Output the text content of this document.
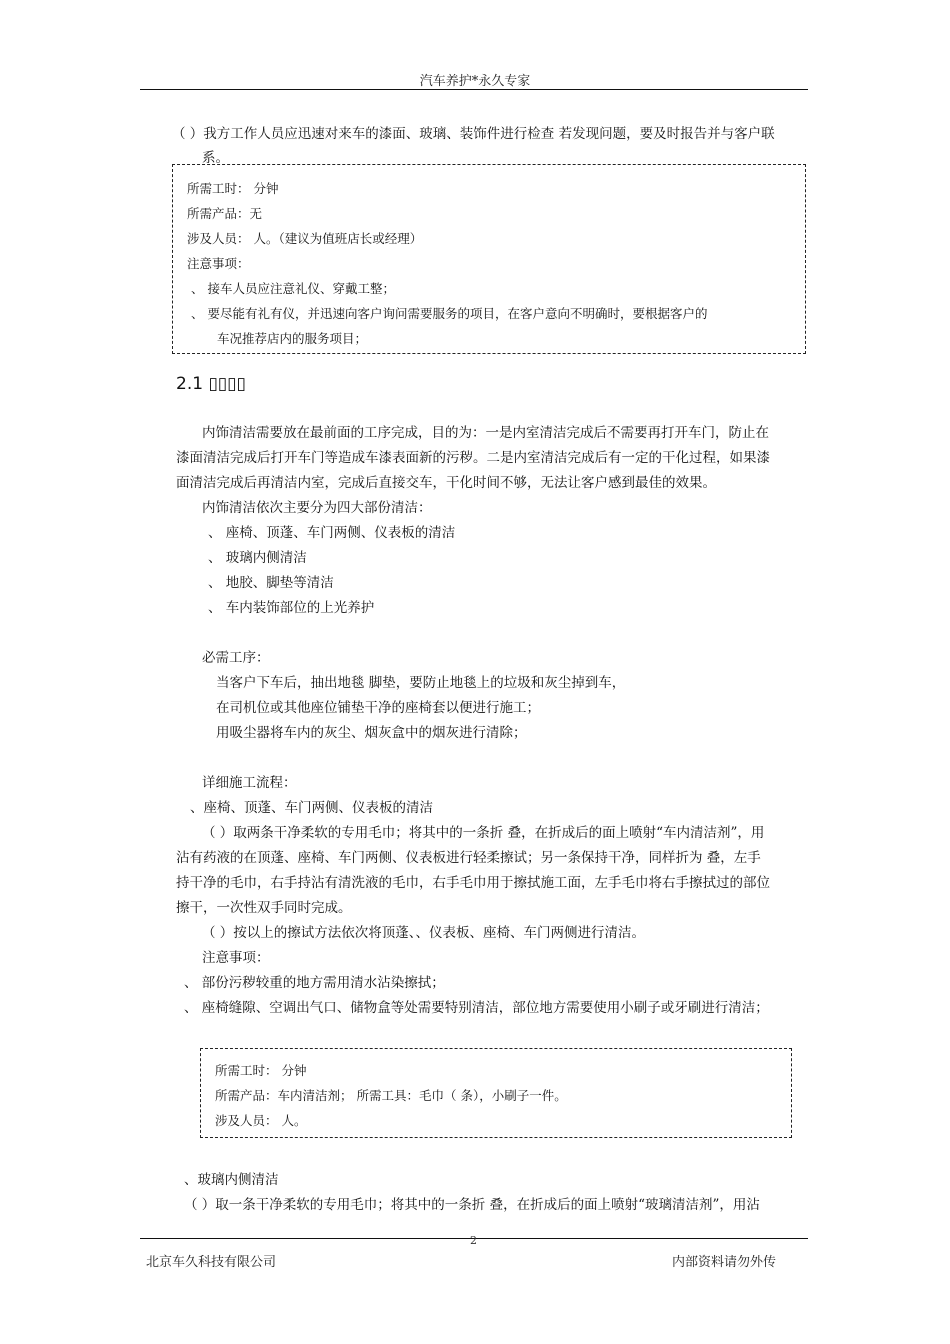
汽车养护*永久专家
（ ）我方工作人员应迅速对来车的漆面、玻璃、装饰件进行检查 若发现问题，要及时报告并与客户联
系。
所需工时： 分钟
所需产品：无
涉及人员： 人。（建议为值班店长或经理）
注意事项：
、 接车人员应注意礼仪、穿戴工整；
、 要尽能有礼有仪，并迅速向客户询问需要服务的项目，在客户意向不明确时，要根据客户的
车况推荐店内的服务项目；
2.1 ▯▯▯▯
内饰清洁需要放在最前面的工序完成，目的为：一是内室清洁完成后不需要再打开车门，防止在
漆面清洁完成后打开车门等造成车漆表面新的污秽。二是内室清洁完成后有一定的干化过程，如果漆
面清洁完成后再清洁内室，完成后直接交车，干化时间不够，无法让客户感到最佳的效果。
内饰清洁依次主要分为四大部份清洁：
、 座椅、顶蓬、车门两侧、仪表板的清洁
、 玻璃内侧清洁
、 地胶、脚垫等清洁
、 车内装饰部位的上光养护
必需工序：
当客户下车后，抽出地毯 脚垫，要防止地毯上的垃圾和灰尘掉到车，
在司机位或其他座位铺垫干净的座椅套以便进行施工；
用吸尘器将车内的灰尘、烟灰盒中的烟灰进行清除；
详细施工流程：
、座椅、顶蓬、车门两侧、仪表板的清洁
（ ）取两条干净柔软的专用毛巾；将其中的一条折 叠，在折成后的面上喷射“车内清洁剂”，用
沾有药液的在顶蓬、座椅、车门两侧、仪表板进行轻柔擦试；另一条保持干净，同样折为 叠，左手
持干净的毛巾，右手持沾有清洗液的毛巾，右手毛巾用于擦拭施工面，左手毛巾将右手擦拭过的部位
擦干，一次性双手同时完成。
（ ）按以上的擦试方法依次将顶蓬、、仪表板、座椅、车门两侧进行清洁。
注意事项：
、 部份污秽较重的地方需用清水沾染擦拭；
、 座椅缝隙、空调出气口、储物盒等处需要特别清洁，部位地方需要使用小刷子或牙刷进行清洁；
所需工时： 分钟
所需产品：车内清洁剂； 所需工具：毛巾（ 条），小刷子一件。
涉及人员： 人。
、玻璃内侧清洁
（ ）取一条干净柔软的专用毛巾；将其中的一条折 叠，在折成后的面上喷射“玻璃清洁剂”，用沾
2
北京车久科技有限公司	内部资料请勿外传
